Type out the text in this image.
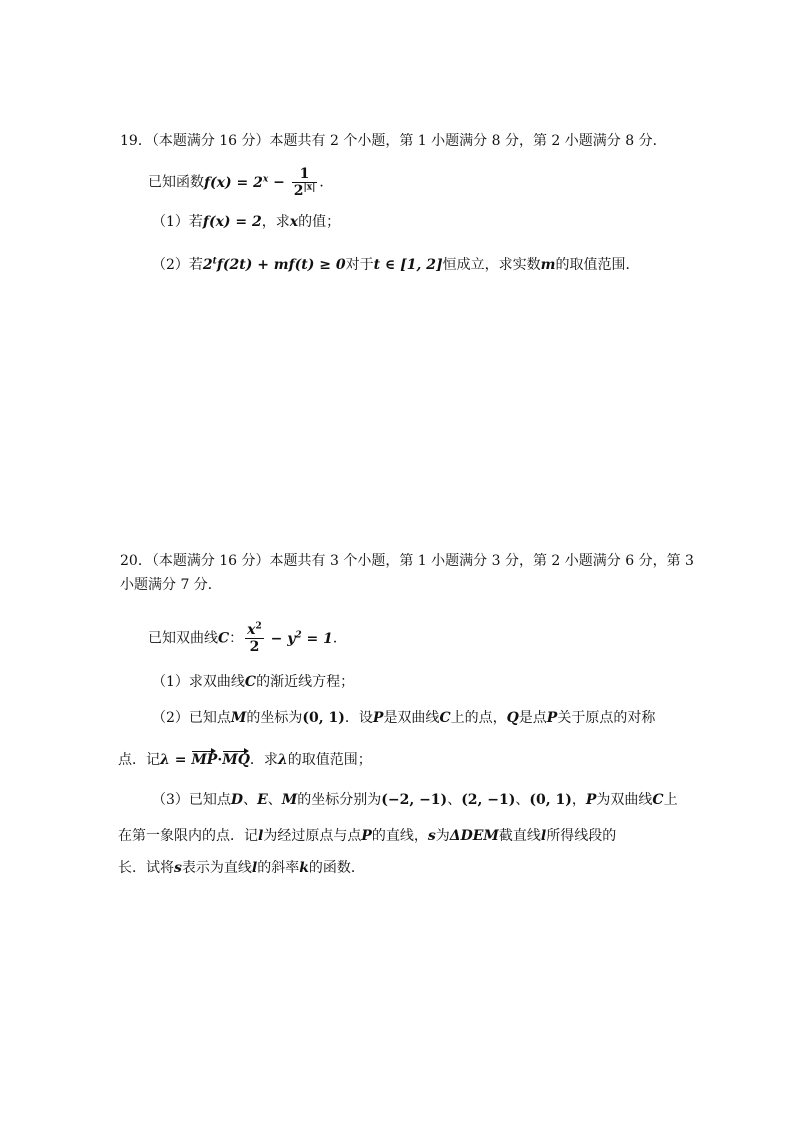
19．（本题满分 16 分）本题共有 2 个小题，第 1 小题满分 8 分，第 2 小题满分 8 分．
已知函数$f(x) = 2^x - \frac{1}{2^{|x|}}$ ．
（1）若f(x) = 2，求x的值；
（2）若$2^tf(2t) + mf(t) \ge 0$对于t ∈ [1, 2]恒成立，求实数m的取值范围．
20．（本题满分 16 分）本题共有 3 个小题，第 1 小题满分 3 分，第 2 小题满分 6 分，第 3
小题满分 7 分．
已知双曲线C： $\frac{x^2}{2} - y^2 = 1$．
（1）求双曲线C的渐近线方程；
（2）已知点M的坐标为(0, 1)．设P是双曲线C上的点，Q是点P关于原点的对称
点．记λ = MP·MQ．求λ的取值范围；
（3）已知点D、E、M的坐标分别为(−2, −1)、(2, −1)、(0, 1)，P为双曲线C上
在第一象限内的点．记l为经过原点与点P的直线，s为ΔDEM截直线l所得线段的
长．试将s表示为直线l的斜率k的函数．
